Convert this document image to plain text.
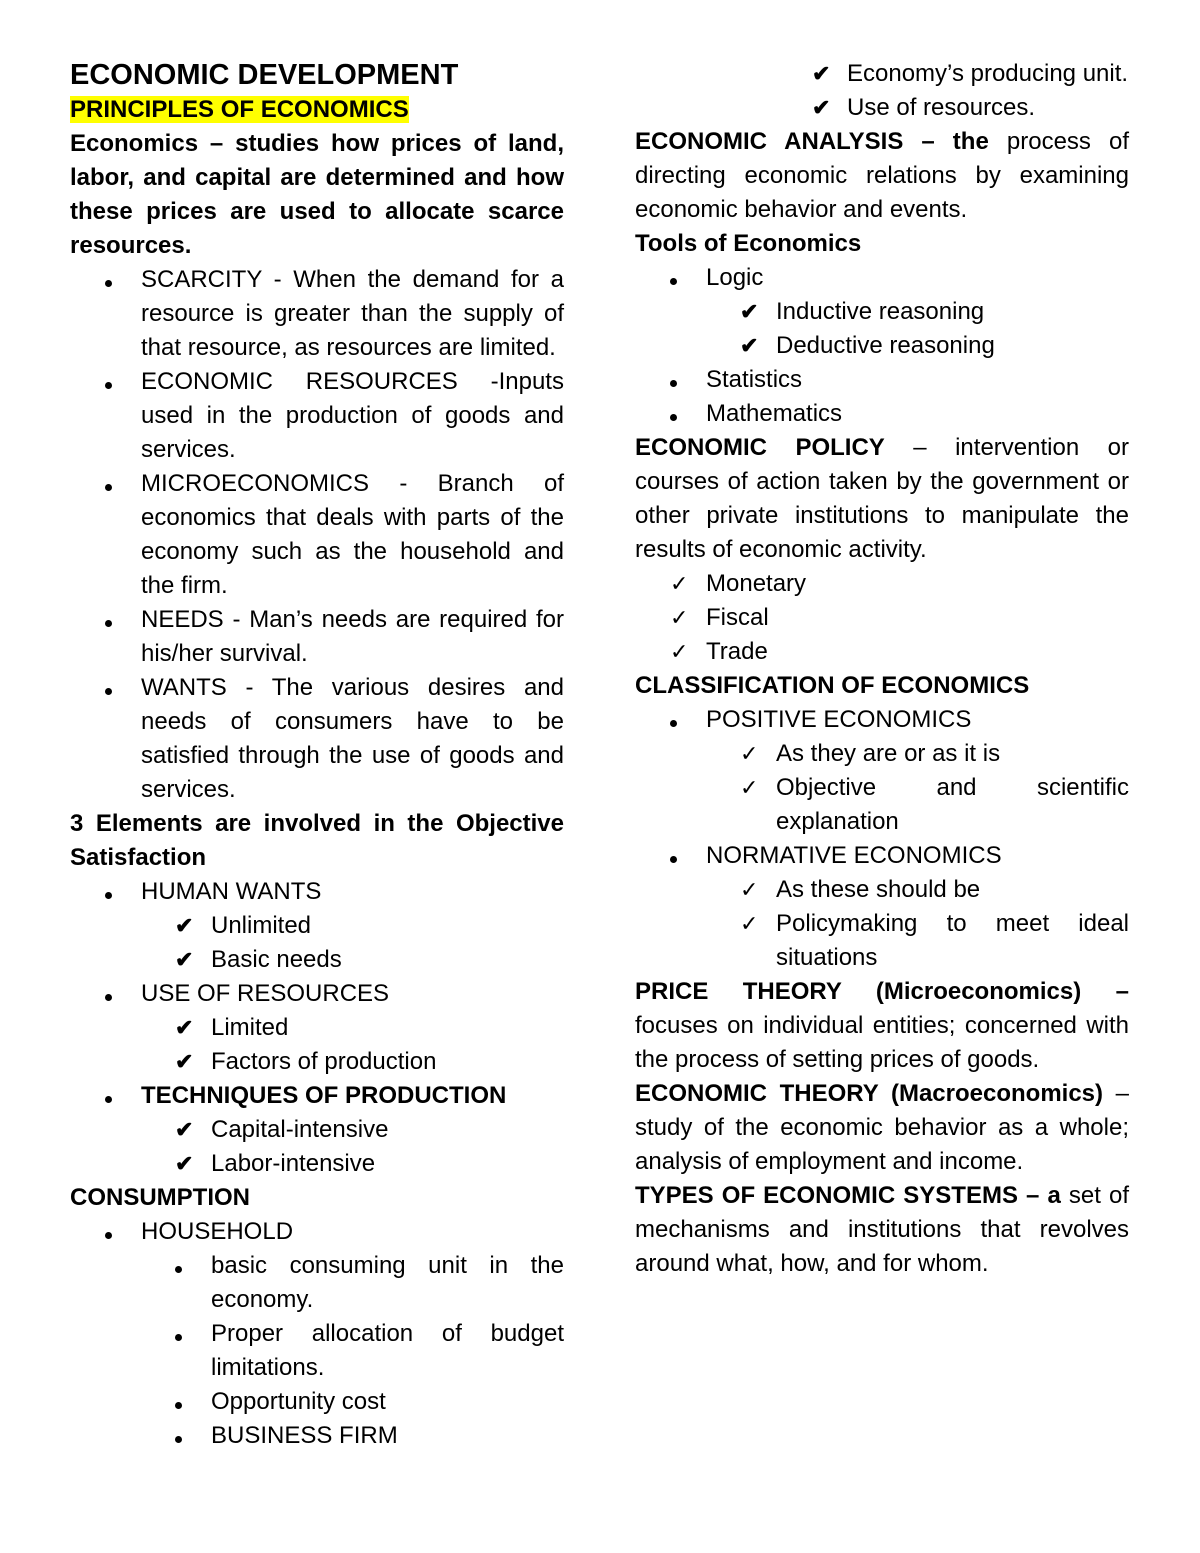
ECONOMIC DEVELOPMENT

PRINCIPLES OF ECONOMICS

Economics – studies how prices of land, labor, and capital are determined and how these prices are used to allocate scarce resources.

SCARCITY - When the demand for a resource is greater than the supply of that resource, as resources are limited.
ECONOMIC RESOURCES -Inputs used in the production of goods and services.
MICROECONOMICS - Branch of economics that deals with parts of the economy such as the household and the firm.
NEEDS - Man’s needs are required for his/her survival.
WANTS - The various desires and needs of consumers have to be satisfied through the use of goods and services.

3 Elements are involved in the Objective Satisfaction

HUMAN WANTS
✔ Unlimited
✔ Basic needs
USE OF RESOURCES
✔ Limited
✔ Factors of production
TECHNIQUES OF PRODUCTION
✔ Capital-intensive
✔ Labor-intensive

CONSUMPTION

HOUSEHOLD
basic consuming unit in the economy.
Proper allocation of budget limitations.
Opportunity cost
BUSINESS FIRM
✔ Economy’s producing unit.
✔ Use of resources.

ECONOMIC ANALYSIS – the process of directing economic relations by examining economic behavior and events.

Tools of Economics

Logic
✔ Inductive reasoning
✔ Deductive reasoning
Statistics
Mathematics

ECONOMIC POLICY – intervention or courses of action taken by the government or other private institutions to manipulate the results of economic activity.

✓ Monetary
✓ Fiscal
✓ Trade

CLASSIFICATION OF ECONOMICS

POSITIVE ECONOMICS
✓ As they are or as it is
✓ Objective and scientific explanation
NORMATIVE ECONOMICS
✓ As these should be
✓ Policymaking to meet ideal situations

PRICE THEORY (Microeconomics) – focuses on individual entities; concerned with the process of setting prices of goods.

ECONOMIC THEORY (Macroeconomics) – study of the economic behavior as a whole; analysis of employment and income.

TYPES OF ECONOMIC SYSTEMS – a set of mechanisms and institutions that revolves around what, how, and for whom.
